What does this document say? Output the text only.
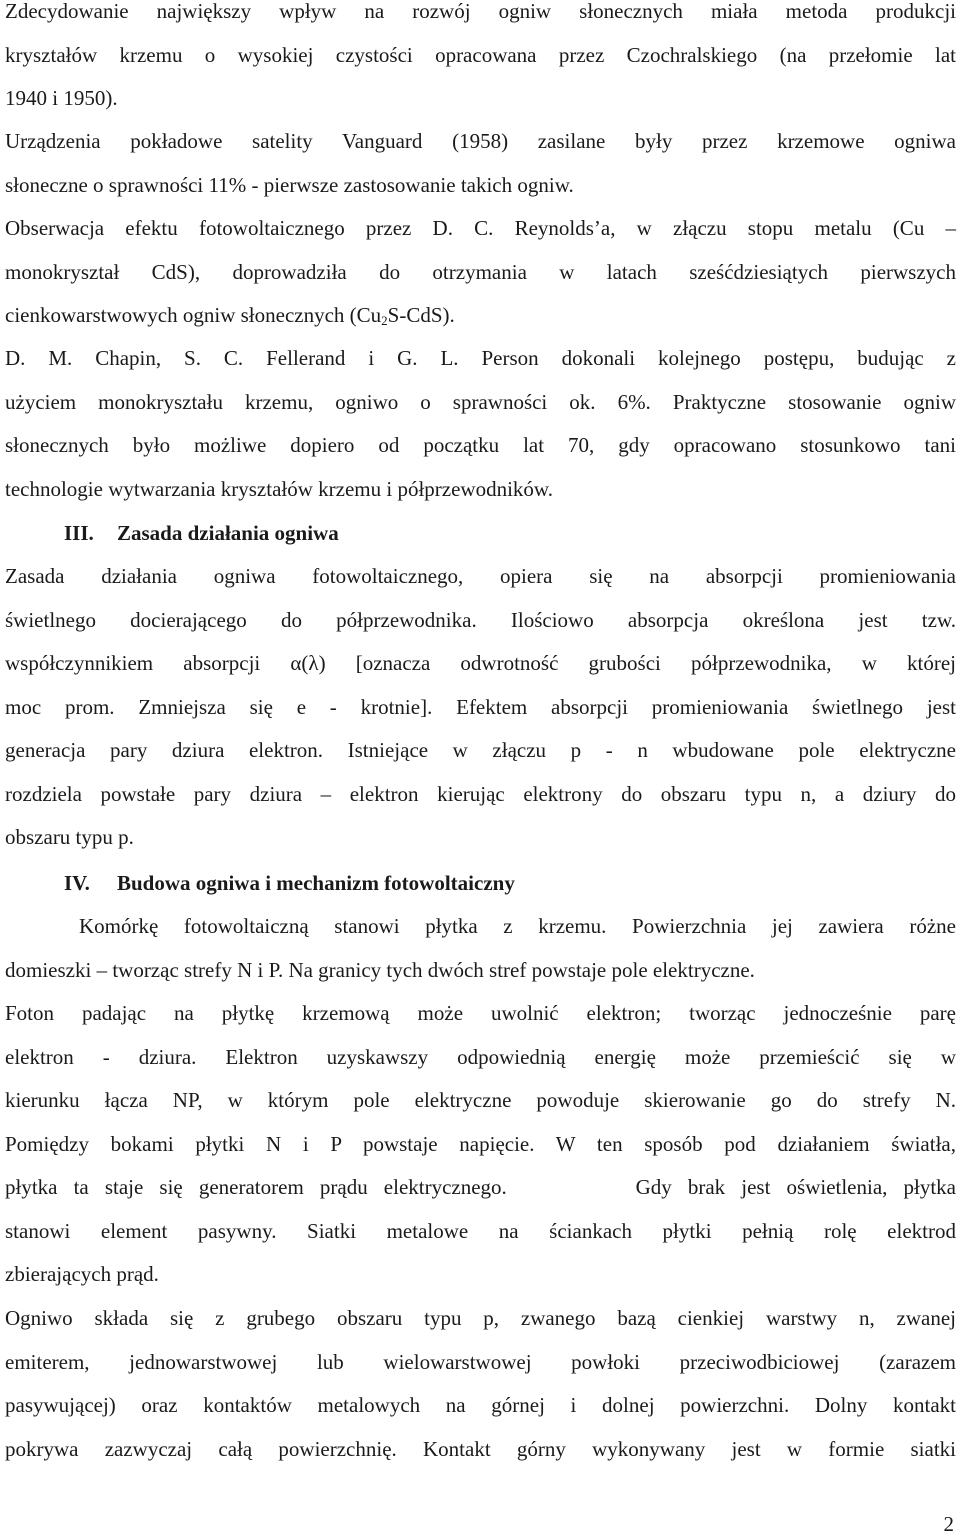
Zdecydowanie największy wpływ na rozwój ogniw słonecznych miała metoda produkcji
kryształów krzemu o wysokiej czystości opracowana przez Czochralskiego (na przełomie lat
1940 i 1950).
Urządzenia pokładowe satelity Vanguard (1958) zasilane były przez krzemowe ogniwa
słoneczne o sprawności 11% - pierwsze zastosowanie takich ogniw.
Obserwacja efektu fotowoltaicznego przez D. C. Reynolds’a, w złączu stopu metalu (Cu –
monokryształ CdS), doprowadziła do otrzymania w latach sześćdziesiątych pierwszych
cienkowarstwowych ogniw słonecznych $(Cu_2S-CdS)$.
D. M. Chapin, S. C. Fellerand i G. L. Person dokonali kolejnego postępu, budując z
użyciem monokryształu krzemu, ogniwo o sprawności ok. 6%. Praktyczne stosowanie ogniw
słonecznych było możliwe dopiero od początku lat 70, gdy opracowano stosunkowo tani
technologie wytwarzania kryształów krzemu i półprzewodników.
III. Zasada działania ogniwa
Zasada działania ogniwa fotowoltaicznego, opiera się na absorpcji promieniowania
świetlnego docierającego do półprzewodnika. Ilościowo absorpcja określona jest tzw.
współczynnikiem absorpcji α(λ) [oznacza odwrotność grubości półprzewodnika, w której
moc prom. Zmniejsza się e - krotnie]. Efektem absorpcji promieniowania świetlnego jest
generacja pary dziura elektron. Istniejące w złączu p - n wbudowane pole elektryczne
rozdziela powstałe pary dziura – elektron kierując elektrony do obszaru typu n, a dziury do
obszaru typu p.
IV. Budowa ogniwa i mechanizm fotowoltaiczny
Komórkę fotowoltaiczną stanowi płytka z krzemu. Powierzchnia jej zawiera różne
domieszki – tworząc strefy N i P. Na granicy tych dwóch stref powstaje pole elektryczne.
Foton padając na płytkę krzemową może uwolnić elektron; tworząc jednocześnie parę
elektron - dziura. Elektron uzyskawszy odpowiednią energię może przemieścić się w
kierunku łącza NP, w którym pole elektryczne powoduje skierowanie go do strefy N.
Pomiędzy bokami płytki N i P powstaje napięcie. W ten sposób pod działaniem światła,
płytka ta staje się generatorem prądu elektrycznego.        Gdy brak jest oświetlenia, płytka
stanowi element pasywny. Siatki metalowe na ściankach płytki pełnią rolę elektrod
zbierających prąd.
Ogniwo składa się z grubego obszaru typu p, zwanego bazą cienkiej warstwy n, zwanej
emiterem, jednowarstwowej lub wielowarstwowej powłoki przeciwodbiciowej (zarazem
pasywującej) oraz kontaktów metalowych na górnej i dolnej powierzchni. Dolny kontakt
pokrywa zazwyczaj całą powierzchnię. Kontakt górny wykonywany jest w formie siatki
2
